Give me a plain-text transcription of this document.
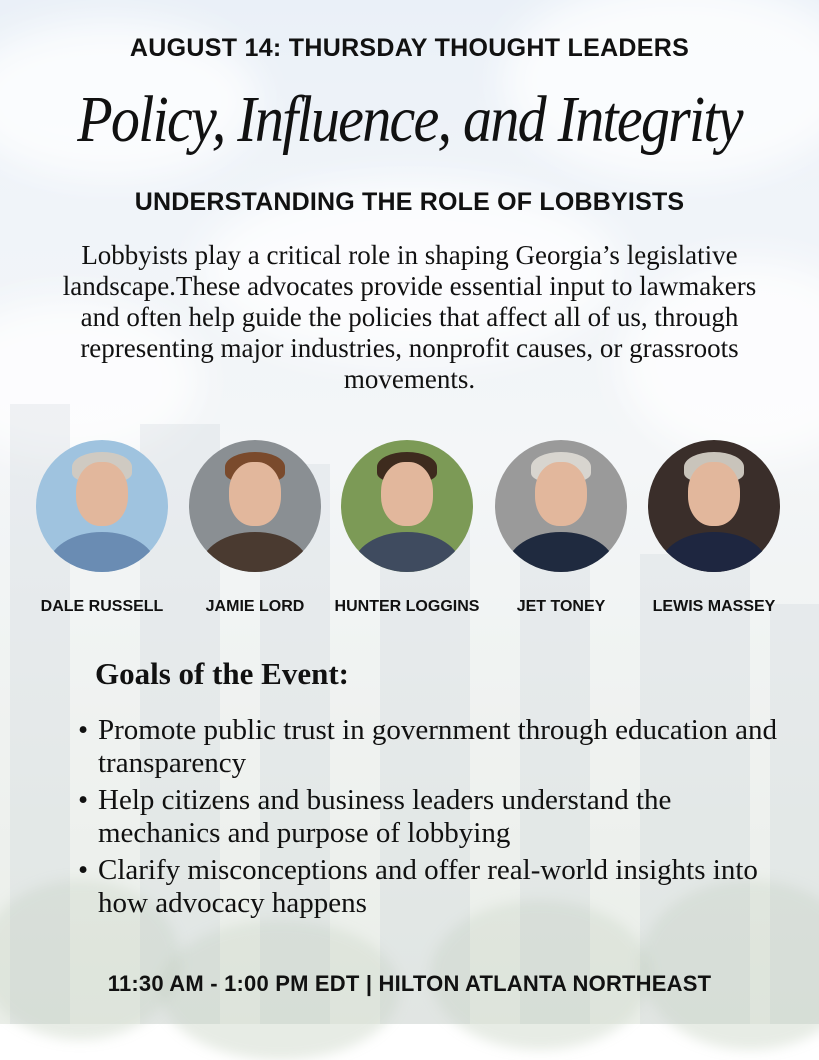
AUGUST 14: THURSDAY THOUGHT LEADERS
Policy, Influence, and Integrity
UNDERSTANDING THE ROLE OF LOBBYISTS
Lobbyists play a critical role in shaping Georgia’s legislative landscape.These advocates provide essential input to lawmakers and often help guide the policies that affect all of us, through representing major industries, nonprofit causes, or grassroots movements.
DALE RUSSELL	JAMIE LORD	HUNTER LOGGINS	JET TONEY	LEWIS MASSEY
Goals of the Event:
• Promote public trust in government through education and transparency
• Help citizens and business leaders understand the mechanics and purpose of lobbying
• Clarify misconceptions and offer real-world insights into how advocacy happens
11:30 AM - 1:00 PM EDT | HILTON ATLANTA NORTHEAST
